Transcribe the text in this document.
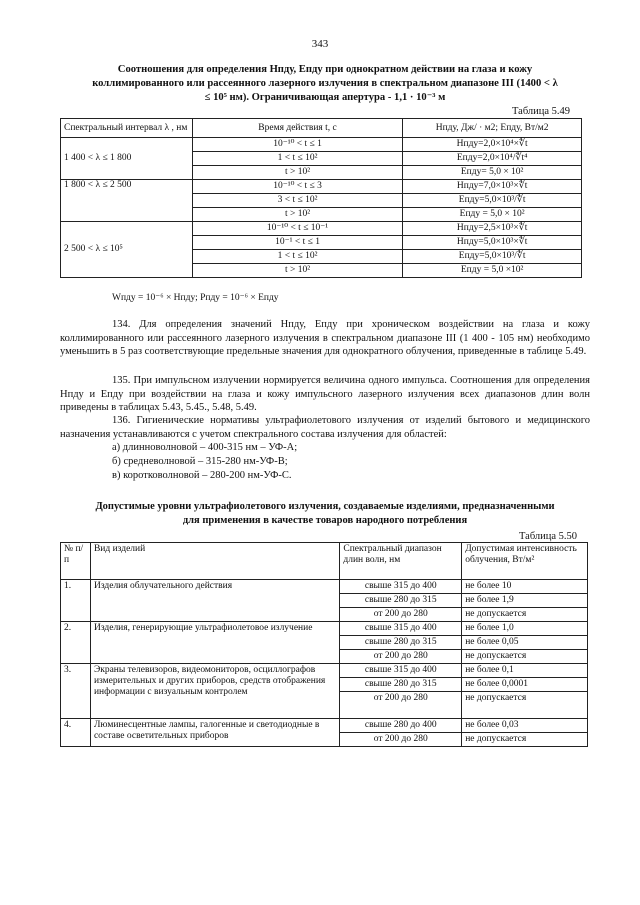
343
Соотношения для определения Hпду, Eпду при однократном действии на глаза и кожу
коллимированного или рассеянного лазерного излучения в спектральном диапазоне III (1400 < λ
≤ 10⁵ нм). Ограничивающая апертура - 1,1 · 10⁻³ м
Таблица 5.49
Спектральный интервал λ , нм	Время действия t, с	Hпду, Дж/ · м2; Eпду, Вт/м2
1 400 < λ ≤ 1 800	10⁻¹⁰ < t ≤ 1	Hпду=2,0×10⁴×∜t
	1 < t ≤ 10²	Eпду=2,0×10⁴/∜t⁴
	t > 10²	Eпду= 5,0 × 10²
1 800 < λ ≤ 2 500	10⁻¹⁰ < t ≤ 3	Hпду=7,0×10³×∜t
	3 < t ≤ 10²	Eпду=5,0×10³/∜t
	t > 10²	Eпду = 5,0 × 10²
2 500 < λ ≤ 10⁵	10⁻¹⁰ < t ≤ 10⁻¹	Hпду=2,5×10³×∜t
	10⁻¹ < t ≤ 1	Hпду=5,0×10³×∜t
	1 < t ≤ 10²	Eпду=5,0×10³/∜t
	t > 10²	Eпду = 5,0 ×10²
Wпду = 10⁻⁶ × Hпду; Pпду = 10⁻⁶ × Eпду
134. Для определения значений Hпду, Eпду при хроническом воздействии на глаза и кожу коллимированного или рассеянного лазерного излучения в спектральном диапазоне III (1 400 - 105 нм) необходимо уменьшить в 5 раз соответствующие предельные значения для однократного облучения, приведенные в таблице 5.49.
135. При импульсном излучении нормируется величина одного импульса. Соотношения для определения Hпду и Eпду при воздействии на глаза и кожу импульсного лазерного излучения всех диапазонов длин волн приведены в таблицах 5.43, 5.45., 5.48, 5.49.
136. Гигиенические нормативы ультрафиолетового излучения от изделий бытового и медицинского назначения устанавливаются с учетом спектрального состава излучения для областей:
а) длинноволновой – 400-315 нм – УФ-А;
б) средневолновой – 315-280 нм-УФ-В;
в) коротковолновой – 280-200 нм-УФ-С.
Допустимые уровни ультрафиолетового излучения, создаваемые изделиями, предназначенными
для применения в качестве товаров народного потребления
Таблица 5.50
№ п/п	Вид изделий	Спектральный диапазон длин волн, нм	Допустимая интенсивность облучения, Вт/м²
1.	Изделия облучательного действия	свыше 315 до 400	не более 10
		свыше 280 до 315	не более 1,9
		от 200 до 280	не допускается
2.	Изделия, генерирующие ультрафиолетовое излучение	свыше 315 до 400	не более 1,0
		свыше 280 до 315	не более 0,05
		от 200 до 280	не допускается
3.	Экраны телевизоров, видеомониторов, осциллографов измерительных и других приборов, средств отображения информации с визуальным контролем	свыше 315 до 400	не более 0,1
		свыше 280 до 315	не более 0,0001
		от 200 до 280	не допускается
4.	Люминесцентные лампы, галогенные и светодиодные в составе осветительных приборов	свыше 280 до 400	не более 0,03
		от 200 до 280	не допускается
